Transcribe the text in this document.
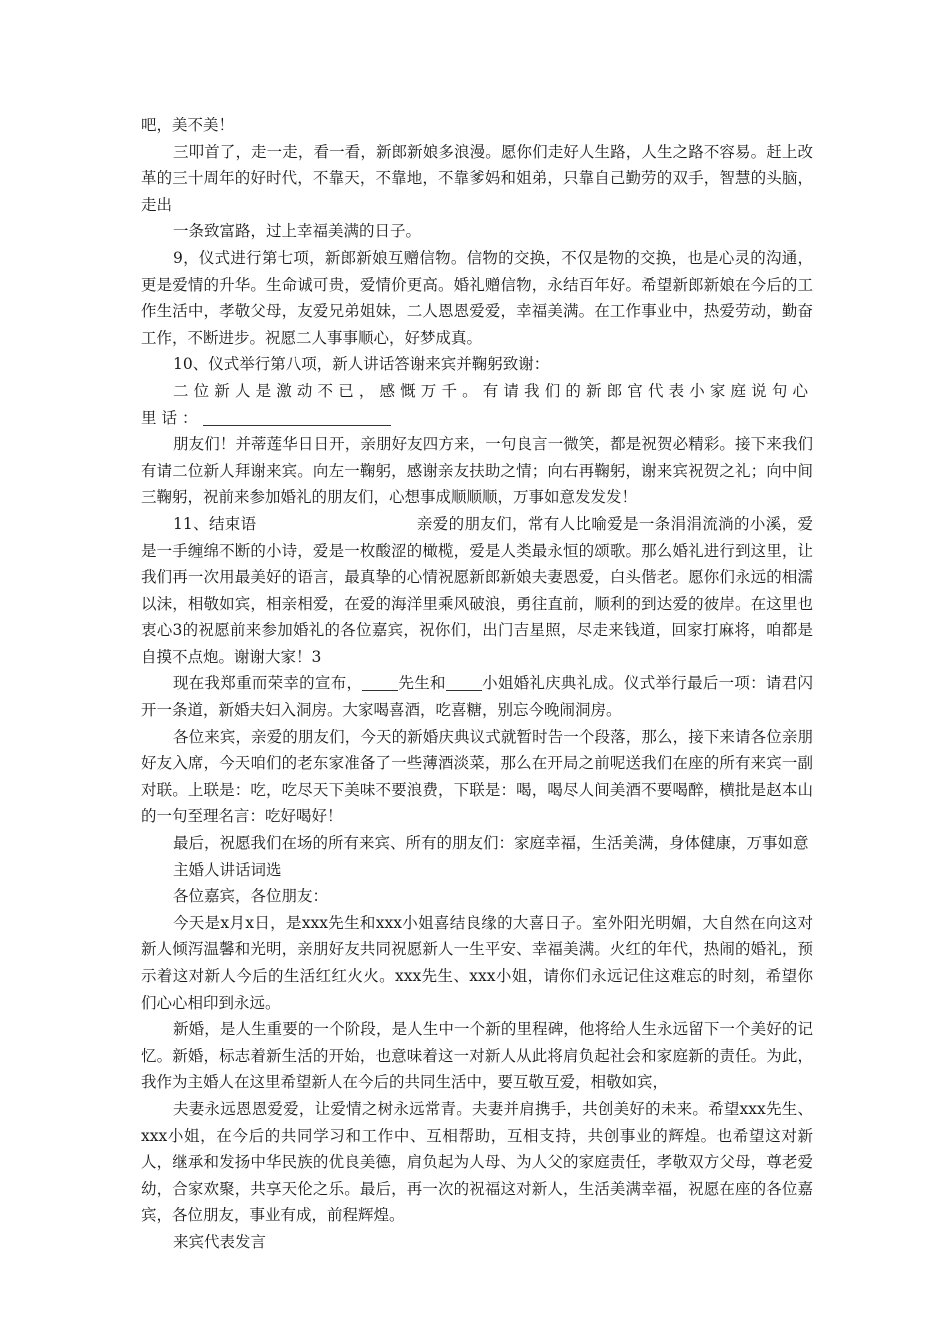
吧，美不美！

三叩首了，走一走，看一看，新郎新娘多浪漫。愿你们走好人生路，人生之路不容易。赶上改革的三十周年的好时代，不靠天，不靠地，不靠爹妈和姐弟，只靠自己勤劳的双手，智慧的头脑，走出

一条致富路，过上幸福美满的日子。

9，仪式进行第七项，新郎新娘互赠信物。信物的交换，不仅是物的交换，也是心灵的沟通，更是爱情的升华。生命诚可贵，爱情价更高。婚礼赠信物，永结百年好。希望新郎新娘在今后的工作生活中，孝敬父母，友爱兄弟姐妹，二人恩恩爱爱，幸福美满。在工作事业中，热爱劳动，勤奋工作，不断进步。祝愿二人事事顺心，好梦成真。

10、仪式举行第八项，新人讲话答谢来宾并鞠躬致谢：

二位新人是激动不已，感慨万千。有请我们的新郎官代表小家庭说句心里话：

朋友们！并蒂莲华日日开，亲朋好友四方来，一句良言一微笑，都是祝贺必精彩。接下来我们有请二位新人拜谢来宾。向左一鞠躬，感谢亲友扶助之情；向右再鞠躬，谢来宾祝贺之礼；向中间三鞠躬，祝前来参加婚礼的朋友们，心想事成顺顺顺，万事如意发发发！

11、结束语	亲爱的朋友们，常有人比喻爱是一条涓涓流淌的小溪，爱是一手缠绵不断的小诗，爱是一枚酸涩的橄榄，爱是人类最永恒的颂歌。那么婚礼进行到这里，让我们再一次用最美好的语言，最真挚的心情祝愿新郎新娘夫妻恩爱，白头偕老。愿你们永远的相濡以沫，相敬如宾，相亲相爱，在爱的海洋里乘风破浪，勇往直前，顺利的到达爱的彼岸。在这里也衷心3的祝愿前来参加婚礼的各位嘉宾，祝你们，出门吉星照，尽走来钱道，回家打麻将，咱都是自摸不点炮。谢谢大家！3

现在我郑重而荣幸的宣布， 先生和 小姐婚礼庆典礼成。仪式举行最后一项：请君闪开一条道，新婚夫妇入洞房。大家喝喜酒，吃喜糖，别忘今晚闹洞房。

各位来宾，亲爱的朋友们，今天的新婚庆典议式就暂时告一个段落，那么，接下来请各位亲朋好友入席，今天咱们的老东家准备了一些薄酒淡菜，那么在开局之前呢送我们在座的所有来宾一副对联。上联是：吃，吃尽天下美味不要浪费，下联是：喝，喝尽人间美酒不要喝醉，横批是赵本山的一句至理名言：吃好喝好！

最后，祝愿我们在场的所有来宾、所有的朋友们：家庭幸福，生活美满，身体健康，万事如意

主婚人讲话词选

各位嘉宾，各位朋友：

今天是x月x日，是xxx先生和xxx小姐喜结良缘的大喜日子。室外阳光明媚，大自然在向这对新人倾泻温馨和光明，亲朋好友共同祝愿新人一生平安、幸福美满。火红的年代，热闹的婚礼，预示着这对新人今后的生活红红火火。xxx先生、xxx小姐，请你们永远记住这难忘的时刻，希望你们心心相印到永远。

新婚，是人生重要的一个阶段，是人生中一个新的里程碑，他将给人生永远留下一个美好的记忆。新婚，标志着新生活的开始，也意味着这一对新人从此将肩负起社会和家庭新的责任。为此，我作为主婚人在这里希望新人在今后的共同生活中，要互敬互爱，相敬如宾，

夫妻永远恩恩爱爱，让爱情之树永远常青。夫妻并肩携手，共创美好的未来。希望xxx先生、xxx小姐，在今后的共同学习和工作中、互相帮助，互相支持，共创事业的辉煌。也希望这对新人，继承和发扬中华民族的优良美德，肩负起为人母、为人父的家庭责任，孝敬双方父母，尊老爱幼，合家欢聚，共享天伦之乐。最后，再一次的祝福这对新人，生活美满幸福，祝愿在座的各位嘉宾，各位朋友，事业有成，前程辉煌。

来宾代表发言
